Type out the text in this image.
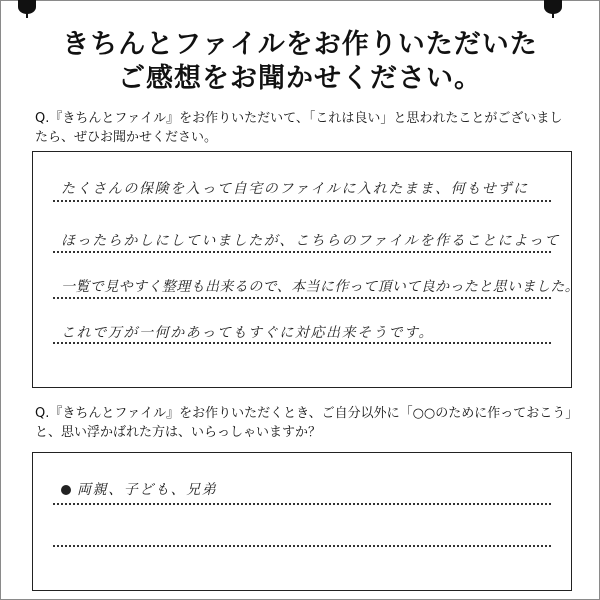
きちんとファイルをお作りいただいた
ご感想をお聞かせください。

Q.『きちんとファイル』をお作りいただいて、「これは良い」と思われたことがございましたら、ぜひお聞かせください。

たくさんの保険を入って自宅のファイルに入れたまま、何もせずに
ほったらかしにしていましたが、こちらのファイルを作ることによって
一覧で見やすく整理も出来るので、本当に作って頂いて良かったと思いました。
これで万が一何かあってもすぐに対応出来そうです。

Q.『きちんとファイル』をお作りいただくとき、ご自分以外に「○○のために作っておこう」と、思い浮かばれた方は、いらっしゃいますか？

両親、子ども、兄弟
